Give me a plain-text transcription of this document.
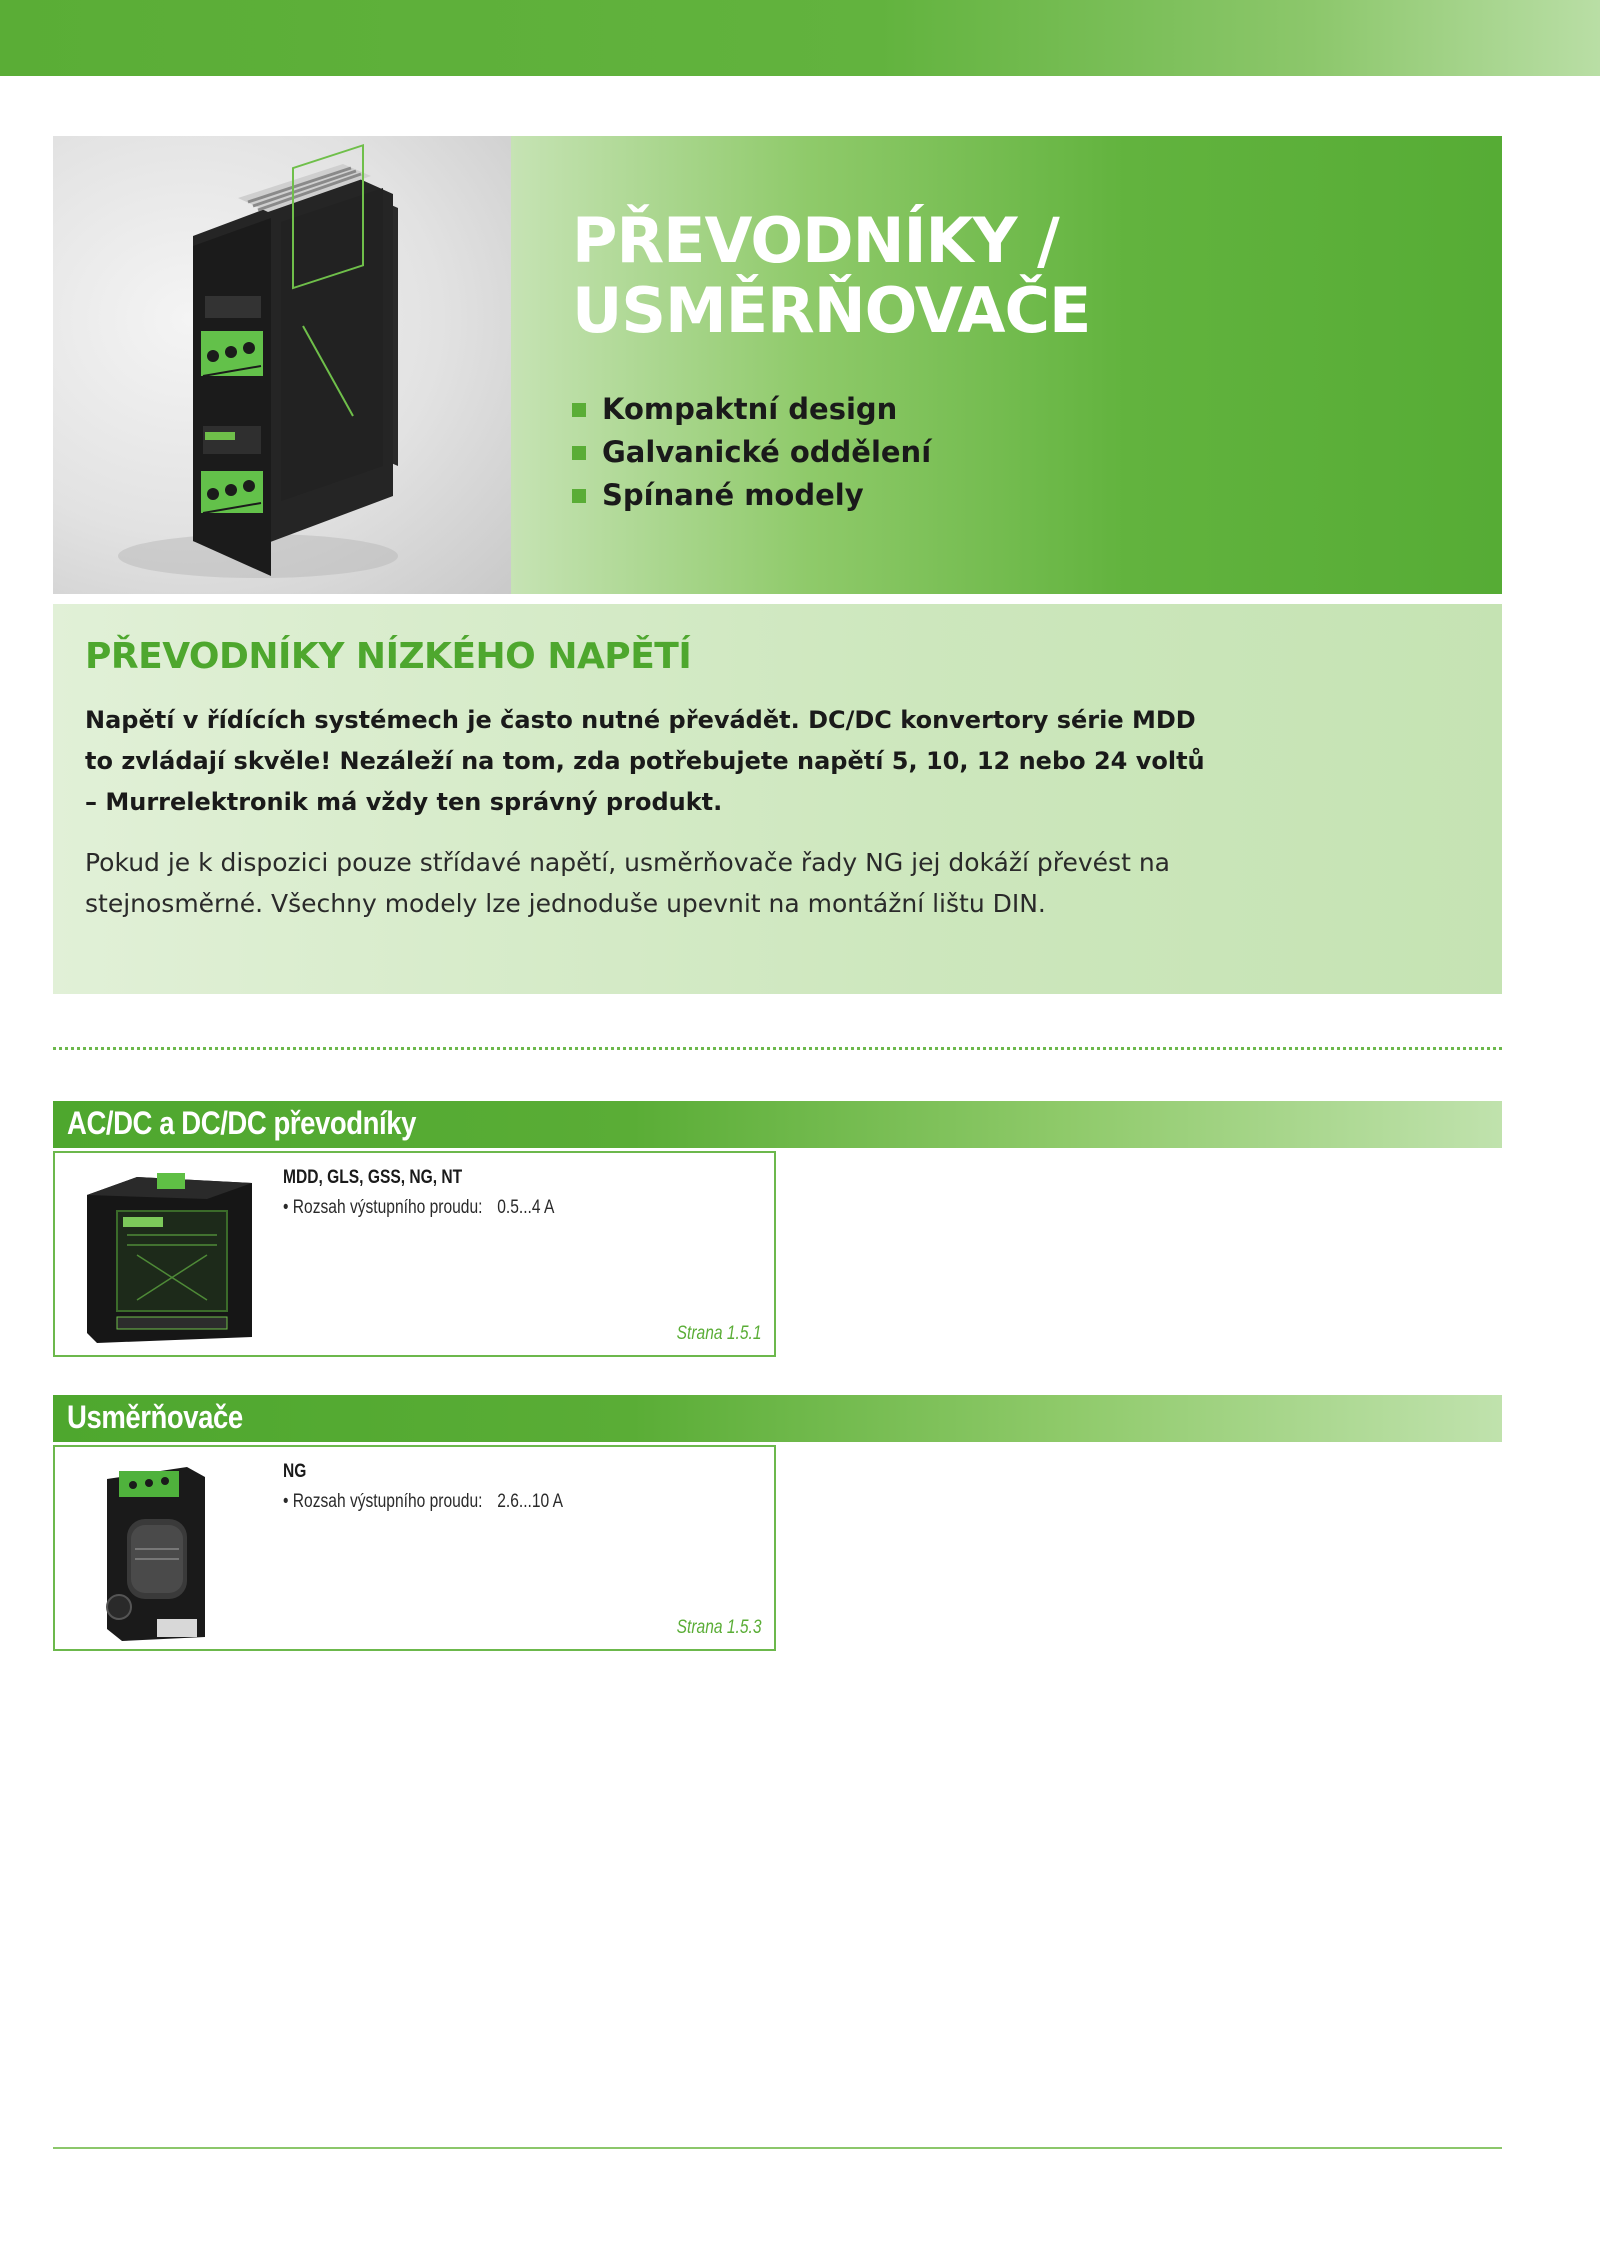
PŘEVODNÍKY /
USMĚRŇOVAČE
Kompaktní design
Galvanické oddělení
Spínané modely
PŘEVODNÍKY NÍZKÉHO NAPĚTÍ

Napětí v řídících systémech je často nutné převádět. DC/DC konvertory série MDD to zvládají skvěle! Nezáleží na tom, zda potřebujete napětí 5, 10, 12 nebo 24 voltů – Murrelektronik má vždy ten správný produkt.

Pokud je k dispozici pouze střídavé napětí, usměrňovače řady NG jej dokáží převést na stejnosměrné. Všechny modely lze jednoduše upevnit na montážní lištu DIN.

AC/DC a DC/DC převodníky
MDD, GLS, GSS, NG, NT
• Rozsah výstupního proudu: 0.5...4 A
Strana 1.5.1
Usměrňovače
NG
• Rozsah výstupního proudu: 2.6...10 A
Strana 1.5.3
